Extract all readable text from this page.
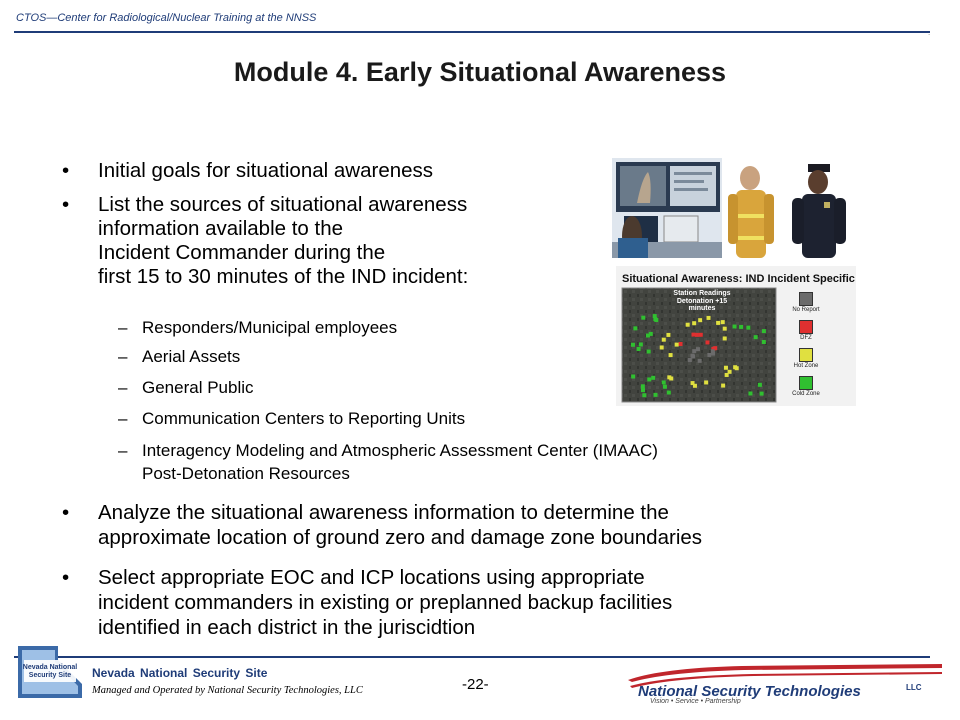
CTOS—Center for Radiological/Nuclear Training at the NNSS
.
Module 4. Early Situational Awareness
• Initial goals for situational awareness
• List the sources of situational awareness
information available to the
Incident Commander during the
first 15 to 30 minutes of the IND incident:
– Responders/Municipal employees
– Aerial Assets
– General Public
– Communication Centers to Reporting Units
– Interagency Modeling and Atmospheric Assessment Center (IMAAC)
Post-Detonation Resources
• Analyze the situational awareness information to determine the
approximate location of ground zero and damage zone boundaries
• Select appropriate EOC and ICP locations using appropriate
incident commanders in existing or preplanned backup facilities
identified in each district in the juriscidtion
Situational Awareness: IND Incident Specific
Station Readings
Detonation +15 minutes	No Report
DFZ
Hot Zone
Cold Zone
Nevada National
Security Site Nevada National Security Site
Managed and Operated by National Security Technologies, LLC	-22-	National Security Technologies	LLC
Vision • Service • Partnership
